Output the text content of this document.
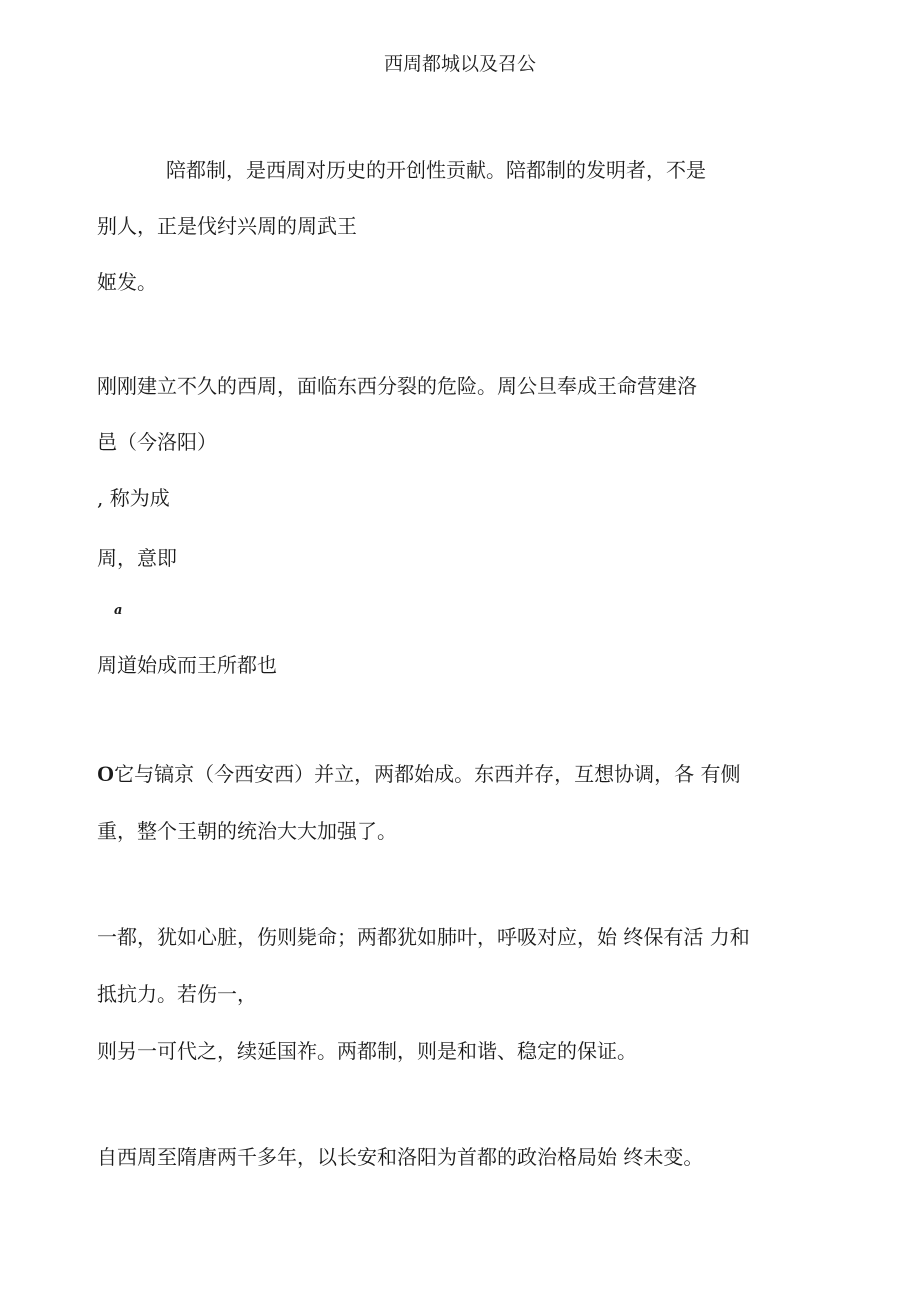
西周都城以及召公
陪都制，是西周对历史的开创性贡献。陪都制的发明者，不是
别人，正是伐纣兴周的周武王
姬发。
刚刚建立不久的西周，面临东西分裂的危险。周公旦奉成王命营建洛
邑（今洛阳）
, 称为成
周，意即
a
周道始成而王所都也
O它与镐京（今西安西）并立，两都始成。东西并存，互想协调，各 有侧
重，整个王朝的统治大大加强了。
一都，犹如心脏，伤则毙命；两都犹如肺叶，呼吸对应，始 终保有活 力和
抵抗力。若伤一，
则另一可代之，续延国祚。两都制，则是和谐、稳定的保证。
自西周至隋唐两千多年，以长安和洛阳为首都的政治格局始 终未变。
